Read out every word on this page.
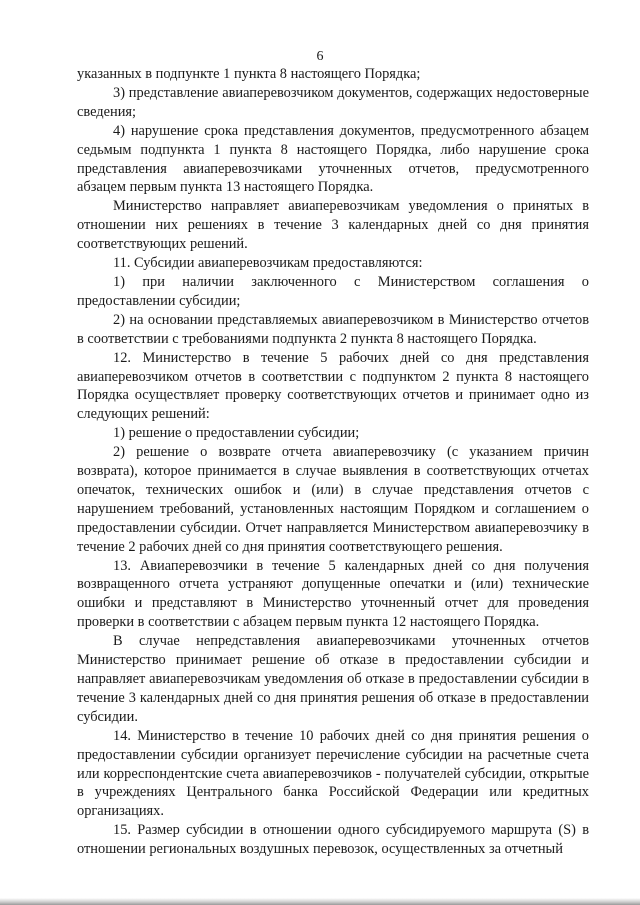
6

указанных в подпункте 1 пункта 8 настоящего Порядка;

3) представление авиаперевозчиком документов, содержащих недостоверные сведения;

4) нарушение срока представления документов, предусмотренного абзацем седьмым подпункта 1 пункта 8 настоящего Порядка, либо нарушение срока представления авиаперевозчиками уточненных отчетов, предусмотренного абзацем первым пункта 13 настоящего Порядка.

Министерство направляет авиаперевозчикам уведомления о принятых в отношении них решениях в течение 3 календарных дней со дня принятия соответствующих решений.

11. Субсидии авиаперевозчикам предоставляются:

1) при наличии заключенного с Министерством соглашения о предоставлении субсидии;

2) на основании представляемых авиаперевозчиком в Министерство отчетов в соответствии с требованиями подпункта 2 пункта 8 настоящего Порядка.

12. Министерство в течение 5 рабочих дней со дня представления авиаперевозчиком отчетов в соответствии с подпунктом 2 пункта 8 настоящего Порядка осуществляет проверку соответствующих отчетов и принимает одно из следующих решений:

1) решение о предоставлении субсидии;

2) решение о возврате отчета авиаперевозчику (с указанием причин возврата), которое принимается в случае выявления в соответствующих отчетах опечаток, технических ошибок и (или) в случае представления отчетов с нарушением требований, установленных настоящим Порядком и соглашением о предоставлении субсидии. Отчет направляется Министерством авиаперевозчику в течение 2 рабочих дней со дня принятия соответствующего решения.

13. Авиаперевозчики в течение 5 календарных дней со дня получения возвращенного отчета устраняют допущенные опечатки и (или) технические ошибки и представляют в Министерство уточненный отчет для проведения проверки в соответствии с абзацем первым пункта 12 настоящего Порядка.

В случае непредставления авиаперевозчиками уточненных отчетов Министерство принимает решение об отказе в предоставлении субсидии и направляет авиаперевозчикам уведомления об отказе в предоставлении субсидии в течение 3 календарных дней со дня принятия решения об отказе в предоставлении субсидии.

14. Министерство в течение 10 рабочих дней со дня принятия решения о предоставлении субсидии организует перечисление субсидии на расчетные счета или корреспондентские счета авиаперевозчиков - получателей субсидии, открытые в учреждениях Центрального банка Российской Федерации или кредитных организациях.

15. Размер субсидии в отношении одного субсидируемого маршрута (S) в отношении региональных воздушных перевозок, осуществленных за отчетный
